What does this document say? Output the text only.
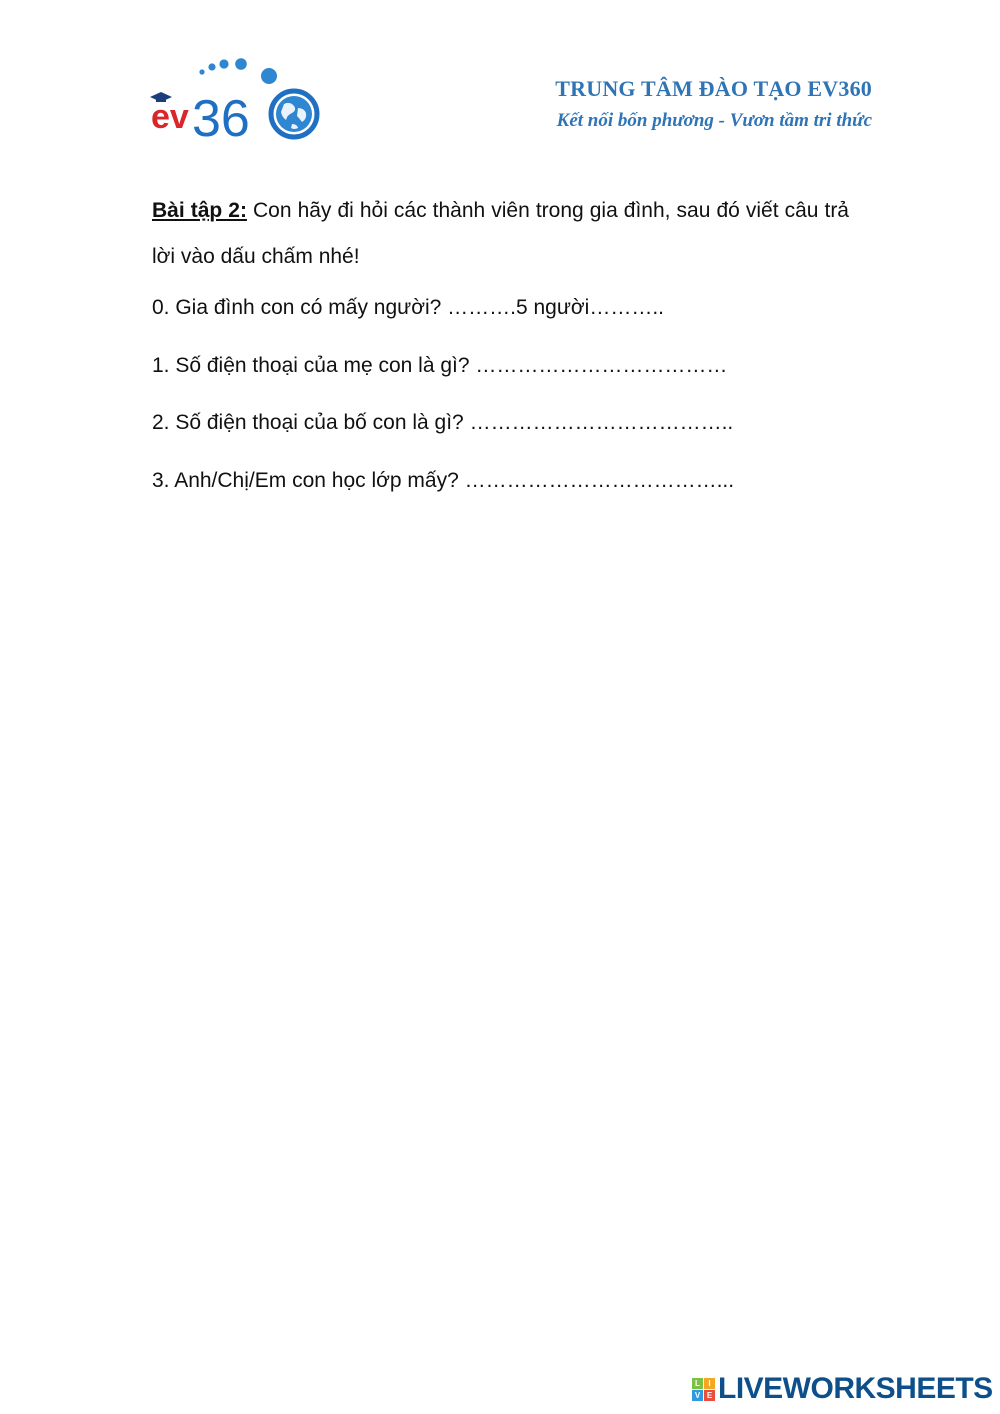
ev 36
TRUNG TÂM ĐÀO TẠO EV360
Kết nối bốn phương - Vươn tầm tri thức
Bài tập 2: Con hãy đi hỏi các thành viên trong gia đình, sau đó viết câu trả lời vào dấu chấm nhé!
0. Gia đình con có mấy người? ……….5 người………..
1. Số điện thoại của mẹ con là gì? ………………………………
2. Số điện thoại của bố con là gì? ………………………………..
3. Anh/Chị/Em con học lớp mấy? ………………………………...
L	I
V E LIVEWORKSHEETS
